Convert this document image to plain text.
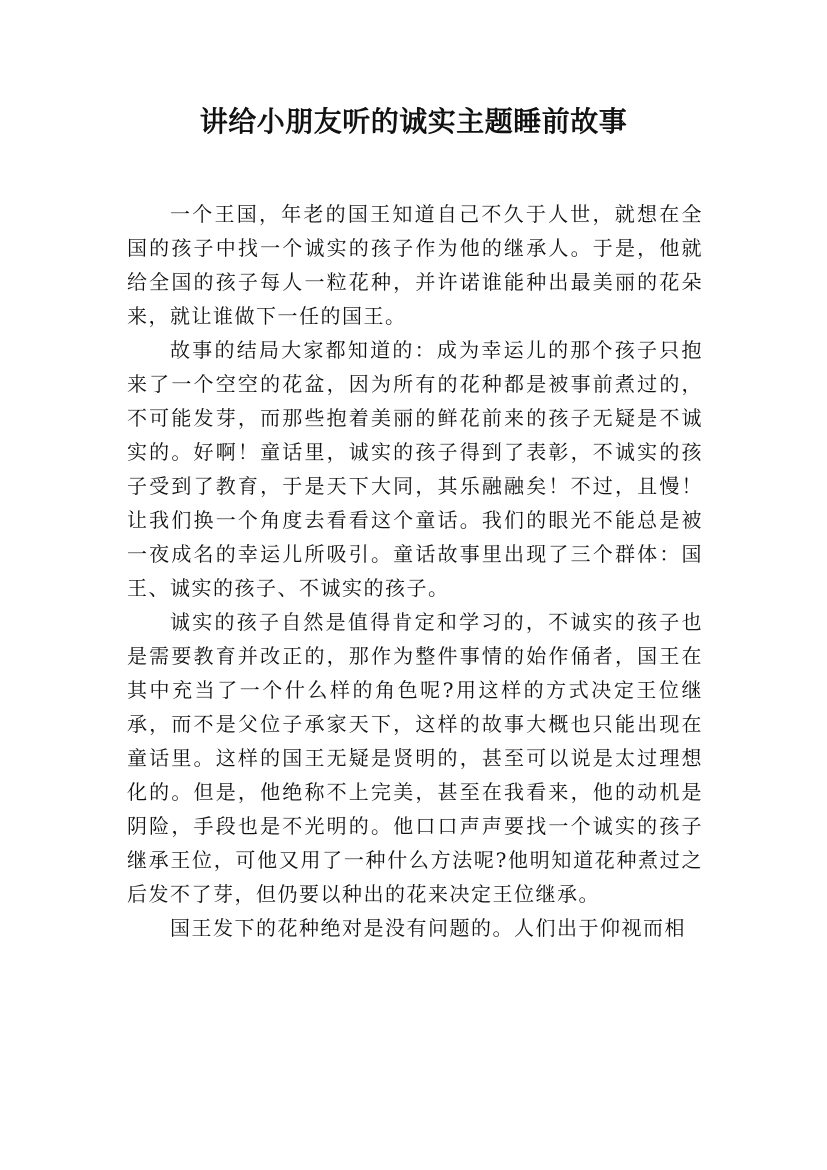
讲给小朋友听的诚实主题睡前故事

一个王国，年老的国王知道自己不久于人世，就想在全国的孩子中找一个诚实的孩子作为他的继承人。于是，他就给全国的孩子每人一粒花种，并许诺谁能种出最美丽的花朵来，就让谁做下一任的国王。

故事的结局大家都知道的：成为幸运儿的那个孩子只抱来了一个空空的花盆，因为所有的花种都是被事前煮过的，不可能发芽，而那些抱着美丽的鲜花前来的孩子无疑是不诚实的。好啊！童话里，诚实的孩子得到了表彰，不诚实的孩子受到了教育，于是天下大同，其乐融融矣！不过，且慢！让我们换一个角度去看看这个童话。我们的眼光不能总是被一夜成名的幸运儿所吸引。童话故事里出现了三个群体：国王、诚实的孩子、不诚实的孩子。

诚实的孩子自然是值得肯定和学习的，不诚实的孩子也是需要教育并改正的，那作为整件事情的始作俑者，国王在其中充当了一个什么样的角色呢?用这样的方式决定王位继承，而不是父位子承家天下，这样的故事大概也只能出现在童话里。这样的国王无疑是贤明的，甚至可以说是太过理想化的。但是，他绝称不上完美，甚至在我看来，他的动机是阴险，手段也是不光明的。他口口声声要找一个诚实的孩子继承王位，可他又用了一种什么方法呢?他明知道花种煮过之后发不了芽，但仍要以种出的花来决定王位继承。

国王发下的花种绝对是没有问题的。人们出于仰视而相
